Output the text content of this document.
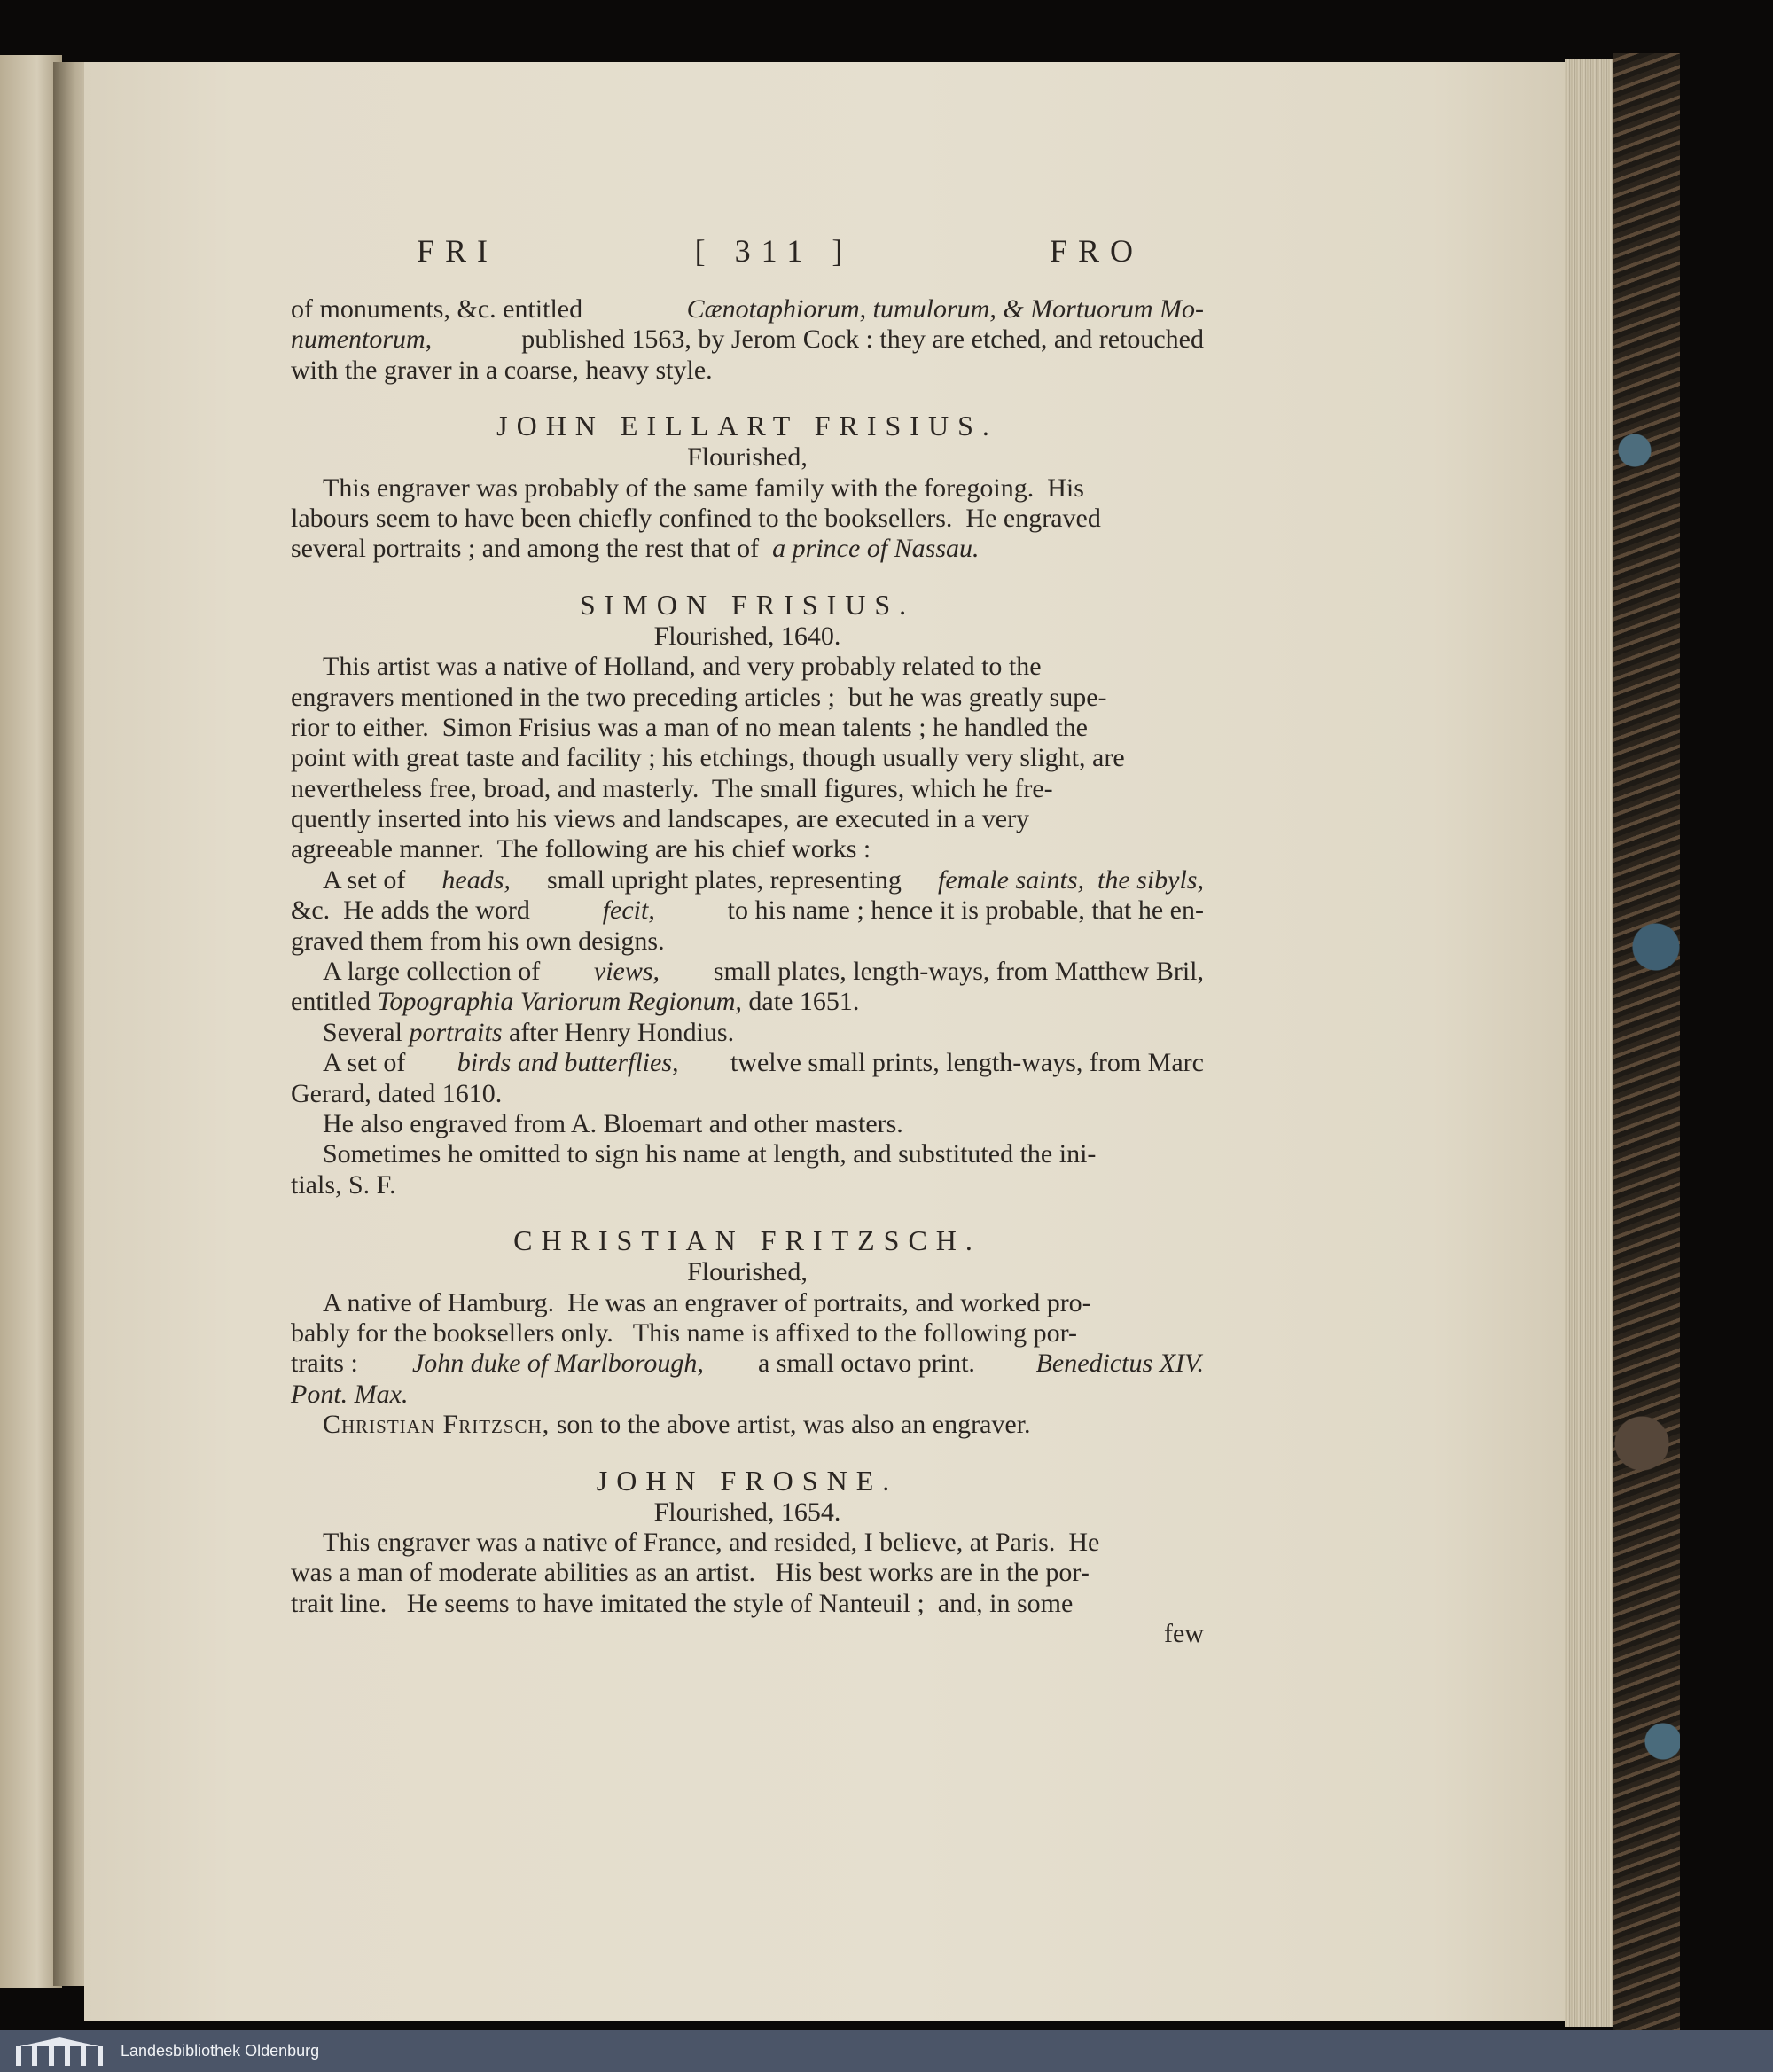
FRI	[ 311 ]	FRO
of monuments, &c. entitled	Cænotaphiorum, tumulorum, & Mortuorum Mo-
numentorum,	published 1563, by Jerom Cock : they are etched, and retouched
with the graver in a coarse, heavy style.
JOHN EILLART FRISIUS.
Flourished,
This engraver was probably of the same family with the foregoing.  His
labours seem to have been chiefly confined to the booksellers.  He engraved
several portraits ; and among the rest that of a prince of Nassau.
SIMON FRISIUS.
Flourished, 1640.
This artist was a native of Holland, and very probably related to the
engravers mentioned in the two preceding articles ;  but he was greatly supe-
rior to either.  Simon Frisius was a man of no mean talents ; he handled the
point with great taste and facility ; his etchings, though usually very slight, are
nevertheless free, broad, and masterly.  The small figures, which he fre-
quently inserted into his views and landscapes, are executed in a very
agreeable manner.  The following are his chief works :
A set of heads, small upright plates, representing female saints,  the sibyls,
&c.  He adds the word fecit, to his name ; hence it is probable, that he en-
graved them from his own designs.
A large collection of views, small plates, length-ways, from Matthew Bril,
entitled Topographia Variorum Regionum, date 1651.
Several portraits after Henry Hondius.
A set of birds and butterflies, twelve small prints, length-ways, from Marc
Gerard, dated 1610.
He also engraved from A. Bloemart and other masters.
Sometimes he omitted to sign his name at length, and substituted the ini-
tials, S. F.
CHRISTIAN FRITZSCH.
Flourished,
A native of Hamburg.  He was an engraver of portraits, and worked pro-
bably for the booksellers only.   This name is affixed to the following por-
traits : John duke of Marlborough, a small octavo print. Benedictus XIV.
Pont. Max.
Christian Fritzsch, son to the above artist, was also an engraver.
JOHN FROSNE.
Flourished, 1654.
This engraver was a native of France, and resided, I believe, at Paris.  He
was a man of moderate abilities as an artist.   His best works are in the por-
trait line.   He seems to have imitated the style of Nanteuil ;  and, in some
few
Landesbibliothek Oldenburg
